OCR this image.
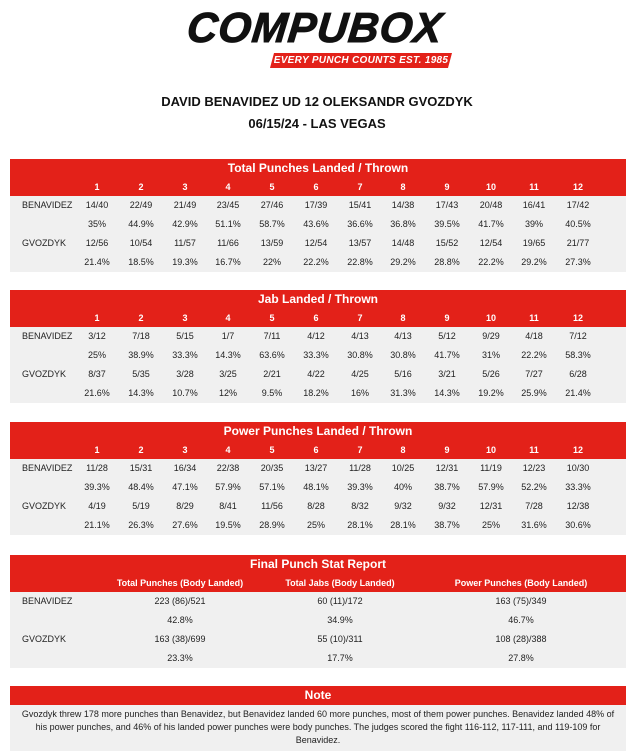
COMPUBOX
EVERY PUNCH COUNTS EST. 1985
DAVID BENAVIDEZ UD 12 OLEKSANDR GVOZDYK
06/15/24 - LAS VEGAS
Total Punches Landed / Thrown
1	2	3	4	5	6	7	8	9	10	11	12
BENAVIDEZ	14/40	22/49	21/49	23/45	27/46	17/39	15/41	14/38	17/43	20/48	16/41	17/42
35%	44.9%	42.9%	51.1%	58.7%	43.6%	36.6%	36.8%	39.5%	41.7%	39%	40.5%
GVOZDYK	12/56	10/54	11/57	11/66	13/59	12/54	13/57	14/48	15/52	12/54	19/65	21/77
21.4%	18.5%	19.3%	16.7%	22%	22.2%	22.8%	29.2%	28.8%	22.2%	29.2%	27.3%
Jab Landed / Thrown
1	2	3	4	5	6	7	8	9	10	11	12
BENAVIDEZ	3/12	7/18	5/15	1/7	7/11	4/12	4/13	4/13	5/12	9/29	4/18	7/12
25%	38.9%	33.3%	14.3%	63.6%	33.3%	30.8%	30.8%	41.7%	31%	22.2%	58.3%
GVOZDYK	8/37	5/35	3/28	3/25	2/21	4/22	4/25	5/16	3/21	5/26	7/27	6/28
21.6%	14.3%	10.7%	12%	9.5%	18.2%	16%	31.3%	14.3%	19.2%	25.9%	21.4%
Power Punches Landed / Thrown
1	2	3	4	5	6	7	8	9	10	11	12
BENAVIDEZ	11/28	15/31	16/34	22/38	20/35	13/27	11/28	10/25	12/31	11/19	12/23	10/30
39.3%	48.4%	47.1%	57.9%	57.1%	48.1%	39.3%	40%	38.7%	57.9%	52.2%	33.3%
GVOZDYK	4/19	5/19	8/29	8/41	11/56	8/28	8/32	9/32	9/32	12/31	7/28	12/38
21.1%	26.3%	27.6%	19.5%	28.9%	25%	28.1%	28.1%	38.7%	25%	31.6%	30.6%
Final Punch Stat Report
Total Punches (Body Landed)	Total Jabs (Body Landed)	Power Punches (Body Landed)
BENAVIDEZ	223 (86)/521	60 (11)/172	163 (75)/349
42.8%	34.9%	46.7%
GVOZDYK	163 (38)/699	55 (10)/311	108 (28)/388
23.3%	17.7%	27.8%
Note
Gvozdyk threw 178 more punches than Benavidez, but Benavidez landed 60 more punches, most of them power punches. Benavidez landed 48% of his power punches, and 46% of his landed power punches were body punches. The judges scored the fight 116-112, 117-111, and 119-109 for Benavidez.
